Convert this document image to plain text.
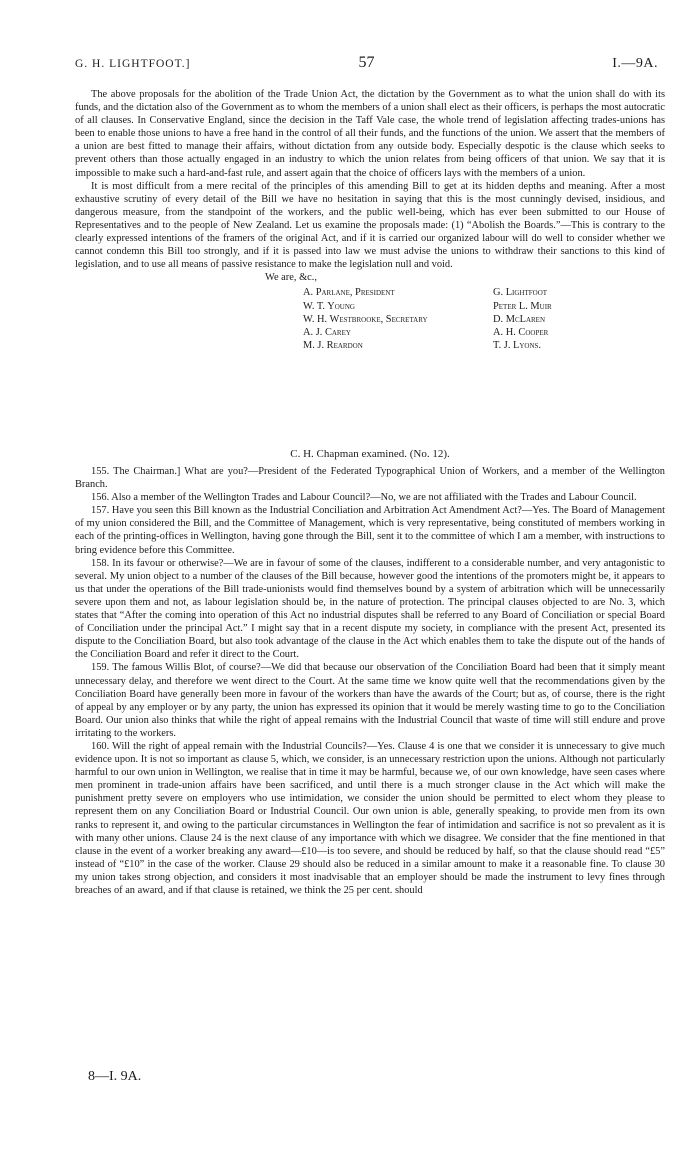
G. H. LIGHTFOOT.]	57	I.—9A.

The above proposals for the abolition of the Trade Union Act, the dictation by the Government as to what the union shall do with its funds, and the dictation also of the Government as to whom the members of a union shall elect as their officers, is perhaps the most autocratic of all clauses. In Conservative England, since the decision in the Taff Vale case, the whole trend of legislation affecting trades-unions has been to enable those unions to have a free hand in the control of all their funds, and the functions of the union. We assert that the members of a union are best fitted to manage their affairs, without dictation from any outside body. Especially despotic is the clause which seeks to prevent others than those actually engaged in an industry to which the union relates from being officers of that union. We say that it is impossible to make such a hard-and-fast rule, and assert again that the choice of officers lays with the members of a union.

It is most difficult from a mere recital of the principles of this amending Bill to get at its hidden depths and meaning. After a most exhaustive scrutiny of every detail of the Bill we have no hesitation in saying that this is the most cunningly devised, insidious, and dangerous measure, from the standpoint of the workers, and the public well-being, which has ever been submitted to our House of Representatives and to the people of New Zealand. Let us examine the proposals made: (1) “Abolish the Boards.”—This is contrary to the clearly expressed intentions of the framers of the original Act, and if it is carried our organized labour will do well to consider whether we cannot condemn this Bill too strongly, and if it is passed into law we must advise the unions to withdraw their sanctions to this kind of legislation, and to use all means of passive resistance to make the legislation null and void.

We are, &c.,

A. Parlane, President	G. Lightfoot
W. T. Young	Peter L. Muir
W. H. Westbrooke, Secretary	D. McLaren
A. J. Carey	A. H. Cooper
M. J. Reardon	T. J. Lyons.
C. H. Chapman examined. (No. 12).

155. The Chairman.] What are you?—President of the Federated Typographical Union of Workers, and a member of the Wellington Branch.

156. Also a member of the Wellington Trades and Labour Council?—No, we are not affiliated with the Trades and Labour Council.

157. Have you seen this Bill known as the Industrial Conciliation and Arbitration Act Amendment Act?—Yes. The Board of Management of my union considered the Bill, and the Committee of Management, which is very representative, being constituted of members working in each of the printing-offices in Wellington, having gone through the Bill, sent it to the committee of which I am a member, with instructions to bring evidence before this Committee.

158. In its favour or otherwise?—We are in favour of some of the clauses, indifferent to a considerable number, and very antagonistic to several. My union object to a number of the clauses of the Bill because, however good the intentions of the promoters might be, it appears to us that under the operations of the Bill trade-unionists would find themselves bound by a system of arbitration which will be unnecessarily severe upon them and not, as labour legislation should be, in the nature of protection. The principal clauses objected to are No. 3, which states that “After the coming into operation of this Act no industrial disputes shall be referred to any Board of Conciliation or special Board of Conciliation under the principal Act.” I might say that in a recent dispute my society, in compliance with the present Act, presented its dispute to the Conciliation Board, but also took advantage of the clause in the Act which enables them to take the dispute out of the hands of the Conciliation Board and refer it direct to the Court.

159. The famous Willis Blot, of course?—We did that because our observation of the Conciliation Board had been that it simply meant unnecessary delay, and therefore we went direct to the Court. At the same time we know quite well that the recommendations given by the Conciliation Board have generally been more in favour of the workers than have the awards of the Court; but as, of course, there is the right of appeal by any employer or by any party, the union has expressed its opinion that it would be merely wasting time to go to the Conciliation Board. Our union also thinks that while the right of appeal remains with the Industrial Council that waste of time will still endure and prove irritating to the workers.

160. Will the right of appeal remain with the Industrial Councils?—Yes. Clause 4 is one that we consider it is unnecessary to give much evidence upon. It is not so important as clause 5, which, we consider, is an unnecessary restriction upon the unions. Although not particularly harmful to our own union in Wellington, we realise that in time it may be harmful, because we, of our own knowledge, have seen cases where men prominent in trade-union affairs have been sacrificed, and until there is a much stronger clause in the Act which will make the punishment pretty severe on employers who use intimidation, we consider the union should be permitted to elect whom they please to represent them on any Conciliation Board or Industrial Council. Our own union is able, generally speaking, to provide men from its own ranks to represent it, and owing to the particular circumstances in Wellington the fear of intimidation and sacrifice is not so prevalent as it is with many other unions. Clause 24 is the next clause of any importance with which we disagree. We consider that the fine mentioned in that clause in the event of a worker breaking any award—£10—is too severe, and should be reduced by half, so that the clause should read “£5” instead of “£10” in the case of the worker. Clause 29 should also be reduced in a similar amount to make it a reasonable fine. To clause 30 my union takes strong objection, and considers it most inadvisable that an employer should be made the instrument to levy fines through breaches of an award, and if that clause is retained, we think the 25 per cent. should

8—I. 9A.
